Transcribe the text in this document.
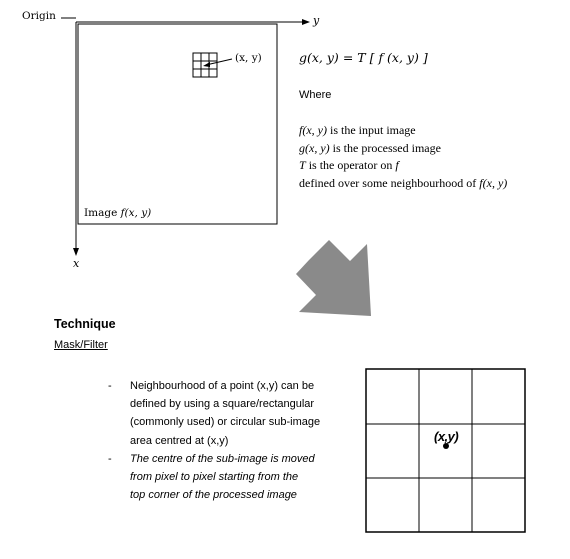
Origin	y
x
(x, y)
Image f(x, y)
g(x, y) = T [ f (x, y) ]
Where
f(x, y) is the input image
g(x, y) is the processed image
T is the operator on f
defined over some neighbourhood of f(x, y)
Technique
Mask/Filter
-	Neighbourhood of a point (x,y) can be
defined by using a square/rectangular
(commonly used) or circular sub-image
area centred at (x,y)
-	The centre of the sub-image is moved
from pixel to pixel starting from the
top corner of the processed image
(x,y)
